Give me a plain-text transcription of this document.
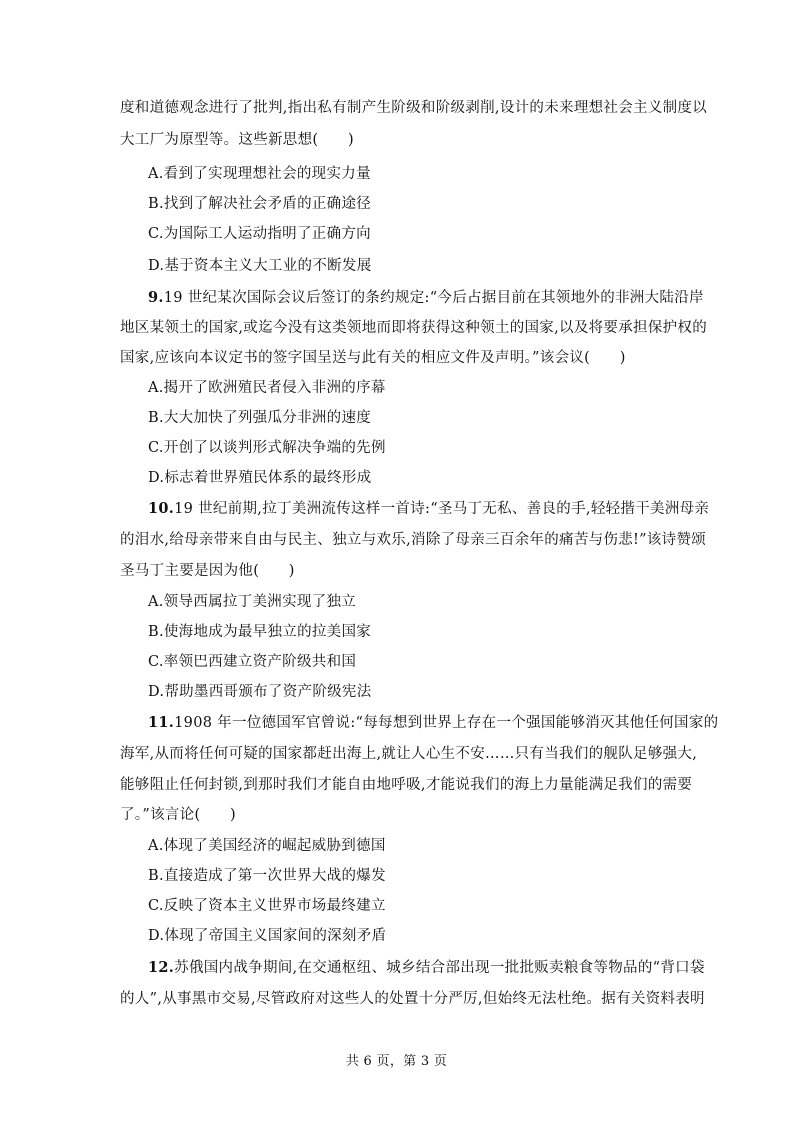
度和道德观念进行了批判,指出私有制产生阶级和阶级剥削,设计的未来理想社会主义制度以
大工厂为原型等。这些新思想(　　)
A.看到了实现理想社会的现实力量
B.找到了解决社会矛盾的正确途径
C.为国际工人运动指明了正确方向
D.基于资本主义大工业的不断发展
9.19 世纪某次国际会议后签订的条约规定:“今后占据目前在其领地外的非洲大陆沿岸
地区某领土的国家,或迄今没有这类领地而即将获得这种领土的国家,以及将要承担保护权的
国家,应该向本议定书的签字国呈送与此有关的相应文件及声明。”该会议(　　)
A.揭开了欧洲殖民者侵入非洲的序幕
B.大大加快了列强瓜分非洲的速度
C.开创了以谈判形式解决争端的先例
D.标志着世界殖民体系的最终形成
10.19 世纪前期,拉丁美洲流传这样一首诗:“圣马丁无私、善良的手,轻轻揩干美洲母亲
的泪水,给母亲带来自由与民主、独立与欢乐,消除了母亲三百余年的痛苦与伤悲!”该诗赞颂
圣马丁主要是因为他(　　)
A.领导西属拉丁美洲实现了独立
B.使海地成为最早独立的拉美国家
C.率领巴西建立资产阶级共和国
D.帮助墨西哥颁布了资产阶级宪法
11.1908 年一位德国军官曾说:“每每想到世界上存在一个强国能够消灭其他任何国家的
海军,从而将任何可疑的国家都赶出海上,就让人心生不安……只有当我们的舰队足够强大,
能够阻止任何封锁,到那时我们才能自由地呼吸,才能说我们的海上力量能满足我们的需要
了。”该言论(　　)
A.体现了美国经济的崛起威胁到德国
B.直接造成了第一次世界大战的爆发
C.反映了资本主义世界市场最终建立
D.体现了帝国主义国家间的深刻矛盾
12.苏俄国内战争期间,在交通枢纽、城乡结合部出现一批批贩卖粮食等物品的“背口袋
的人”,从事黑市交易,尽管政府对这些人的处置十分严厉,但始终无法杜绝。据有关资料表明
共 6 页，第 3 页
